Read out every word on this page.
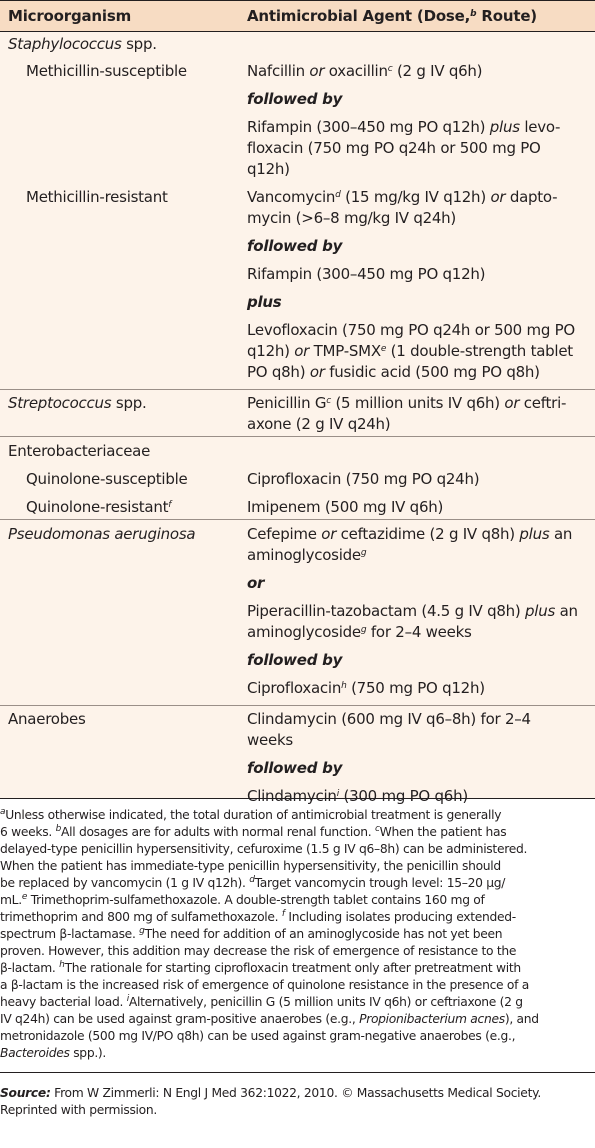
Microorganism	Antimicrobial Agent (Dose,$^b$ Route)
Staphylococcus spp.
Methicillin-susceptible	Nafcillin or oxacillin$^c$ (2 g IV q6h)
followed by
Rifampin (300–450 mg PO q12h) plus levo-
floxacin (750 mg PO q24h or 500 mg PO
q12h)
Methicillin-resistant	Vancomycin$^d$ (15 mg/kg IV q12h) or dapto-
mycin (>6–8 mg/kg IV q24h)
followed by
Rifampin (300–450 mg PO q12h)
plus
Levofloxacin (750 mg PO q24h or 500 mg PO
q12h) or TMP-SMX$^e$ (1 double-strength tablet
PO q8h) or fusidic acid (500 mg PO q8h)
Streptococcus spp.	Penicillin $G^c$ (5 million units IV q6h) or ceftri-
axone (2 g IV q24h)
Enterobacteriaceae
Quinolone-susceptible	Ciprofloxacin (750 mg PO q24h)
Quinolone-resistant$^f$	Imipenem (500 mg IV q6h)
Pseudomonas aeruginosa	Cefepime or ceftazidime (2 g IV q8h) plus an
aminoglycoside$^g$
or
Piperacillin-tazobactam (4.5 g IV q8h) plus an
aminoglycoside$^g$ for 2–4 weeks
followed by
Ciprofloxacin$^h$ (750 mg PO q12h)
Anaerobes	Clindamycin (600 mg IV q6–8h) for 2–4
weeks
followed by
Clindamycin$^i$ (300 mg PO q6h)
$^a$Unless otherwise indicated, the total duration of antimicrobial treatment is generally
6 weeks. $^b$All dosages are for adults with normal renal function. $^c$When the patient has
delayed-type penicillin hypersensitivity, cefuroxime (1.5 g IV q6–8h) can be administered.
When the patient has immediate-type penicillin hypersensitivity, the penicillin should
be replaced by vancomycin (1 g IV q12h). $^d$Target vancomycin trough level: 15–20 µg/
mL.$^e$ Trimethoprim-sulfamethoxazole. A double-strength tablet contains 160 mg of
trimethoprim and 800 mg of sulfamethoxazole. $^f$ Including isolates producing extended-
spectrum β-lactamase. $^g$The need for addition of an aminoglycoside has not yet been
proven. However, this addition may decrease the risk of emergence of resistance to the
β-lactam. $^h$The rationale for starting ciprofloxacin treatment only after pretreatment with
a β-lactam is the increased risk of emergence of quinolone resistance in the presence of a
heavy bacterial load. $^i$Alternatively, penicillin G (5 million units IV q6h) or ceftriaxone (2 g
IV q24h) can be used against gram-positive anaerobes (e.g., Propionibacterium acnes), and
metronidazole (500 mg IV/PO q8h) can be used against gram-negative anaerobes (e.g.,
Bacteroides spp.).
Source: From W Zimmerli: N Engl J Med 362:1022, 2010. © Massachusetts Medical Society.
Reprinted with permission.
